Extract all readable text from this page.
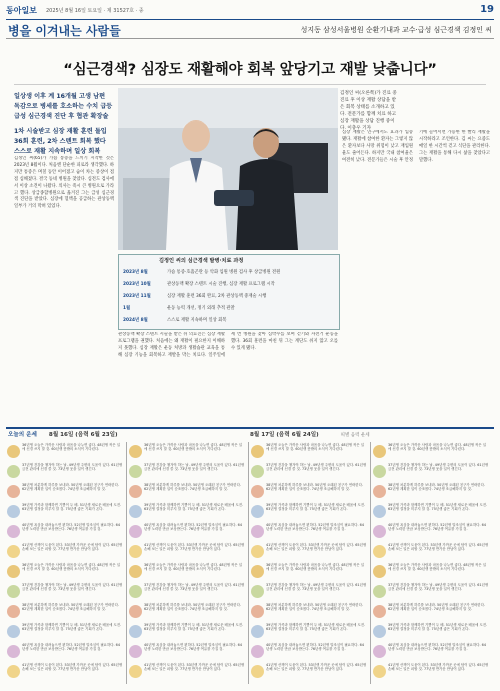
동아일보 2025년 8월 16일 토요일 · 제 31527호 · 종	19
병을 이겨내는 사람들	성지동 삼성서울병원 순환기내과 교수·급성 심근경색 김정인 씨
“심근경색? 심장도 재활해야 회복 앞당기고 재발 낮춥니다”
일상생 이후 계 16개월 고생 남편
독감으로 병세를 호소하는 수치 급등
급성 심근경색 진단 후 협관 확장술
1차 시술받고 심장 재활 훈련 돌입
36회 훈련, 2차 스텐트 회복 했다
스스로 재활 지속하며 일상 회복
김정인 씨(오른쪽)가 진료 중 진료 후 이상 재활 상담을 받은 회복 상태를 소개하고 있다. 전문가를 함께 치료 하고 심장 재활을 상담 진행 중이다. 이충우 기자
김정인 씨(65)가 가슴 통증을 느끼기 시작한 것은 2023년 8월이다. 처음엔 단순한 피로라 생각했다. 하지만 통증은 며칠 동안 이어졌고 숨이 차는 증상이 점점 심해졌다. 결국 동네 병원을 찾았다. 심전도 검사에서 이상 소견이 나왔다. 의사는 즉시 큰 병원으로 가라고 했다. 상급종합병원으로 옮겨진 그는 급성 심근경색 진단을 받았다. 심장에 혈액을 공급하는 관상동맥 일부가 거의 막혀 있었다.
관상동맥 확장 스텐트 시술을 받은 뒤 의료진은 심장 재활 프로그램을 권했다. 처음에는 왜 재활이 필요한지 이해하지 못했다. 심장 재활은 운동 처방과 생활습관 교육을 통해 심장 기능을 회복하고 재발을 막는 치료다. 일주일에 세 번 병원을 찾아 심박수를 보며 걷기와 자전거 운동을 했다. 36회 훈련을 마친 뒤 그는 계단도 쉬지 않고 오를 수 있게 됐다.
심장 재활은 연구에서도 효과가 입증됐다. 재활에 참여한 환자는 그렇지 않은 환자보다 사망 위험이 낮고 재입원율도 줄어든다. 하지만 국내 참여율은 여전히 낮다. 전문가들은 시술 후 안정기에 들어서면 가능한 한 빨리 재활을 시작하라고 조언한다. 김 씨는 요즘도 매일 한 시간씩 걷고 식단을 관리한다. 그는 재활을 통해 다시 삶을 찾았다고 말했다.
김정인 씨의 심근경색 발병·치료 과정
2023년 8월	가슴 통증·호흡곤란 등 악화 입원 병원 검사 후 상급병원 전원
2023년 10월	관상동맥 확장 스텐트 시술 진행, 심장 재활 프로그램 시작
2023년 11월	심장 재활 훈련 36회 완료, 2차 관상동맥 중재술 시행
1월	운동 능력 개선, 정기 외래 추적 관찰
2024년 8월	스스로 재활 지속하며 일상 회복
오늘의 운세 8월 16일 (음력 6월 23일)	8월 17일 (음력 6월 24일)	띠별 음력 운세
36년생 오늘은 가까운 사람과 마음을 나누면 좋다. 48년생 작은 일에 신경 쓰지 말 것. 60년생 뜻밖의 소식이 기다린다.
37년생 건강을 챙겨야 하는 날. 49년생 주변의 도움이 있다. 61년생 금전 관리에 신경 쓸 것. 73년생 웃을 일이 생긴다.
38년생 차분하게 하루를 보내라. 50년생 오래된 친구가 연락한다. 62년생 계획한 일이 순조롭다. 74년생 조급해하지 말 것.
39년생 가족과 함께하면 기쁨이 두 배. 51년생 새로운 배움에 도전. 63년생 결정을 미루지 말 것. 75년생 좋은 기회가 온다.
40년생 욕심을 내려놓으면 편하다. 52년생 말조심이 필요하다. 64년생 노력한 만큼 보상받는다. 76년생 여유를 가질 것.
41년생 산책이 도움이 된다. 53년생 가까운 곳에 답이 있다. 65년생 손해 보는 일은 피할 것. 77년생 반가운 만남이 있다.
36년생 오늘은 가까운 사람과 마음을 나누면 좋다. 48년생 작은 일에 신경 쓰지 말 것. 60년생 뜻밖의 소식이 기다린다.
37년생 건강을 챙겨야 하는 날. 49년생 주변의 도움이 있다. 61년생 금전 관리에 신경 쓸 것. 73년생 웃을 일이 생긴다.
38년생 차분하게 하루를 보내라. 50년생 오래된 친구가 연락한다. 62년생 계획한 일이 순조롭다. 74년생 조급해하지 말 것.
39년생 가족과 함께하면 기쁨이 두 배. 51년생 새로운 배움에 도전. 63년생 결정을 미루지 말 것. 75년생 좋은 기회가 온다.
40년생 욕심을 내려놓으면 편하다. 52년생 말조심이 필요하다. 64년생 노력한 만큼 보상받는다. 76년생 여유를 가질 것.
41년생 산책이 도움이 된다. 53년생 가까운 곳에 답이 있다. 65년생 손해 보는 일은 피할 것. 77년생 반가운 만남이 있다.
36년생 오늘은 가까운 사람과 마음을 나누면 좋다. 48년생 작은 일에 신경 쓰지 말 것. 60년생 뜻밖의 소식이 기다린다.
37년생 건강을 챙겨야 하는 날. 49년생 주변의 도움이 있다. 61년생 금전 관리에 신경 쓸 것. 73년생 웃을 일이 생긴다.
38년생 차분하게 하루를 보내라. 50년생 오래된 친구가 연락한다. 62년생 계획한 일이 순조롭다. 74년생 조급해하지 말 것.
39년생 가족과 함께하면 기쁨이 두 배. 51년생 새로운 배움에 도전. 63년생 결정을 미루지 말 것. 75년생 좋은 기회가 온다.
40년생 욕심을 내려놓으면 편하다. 52년생 말조심이 필요하다. 64년생 노력한 만큼 보상받는다. 76년생 여유를 가질 것.
41년생 산책이 도움이 된다. 53년생 가까운 곳에 답이 있다. 65년생 손해 보는 일은 피할 것. 77년생 반가운 만남이 있다.
36년생 오늘은 가까운 사람과 마음을 나누면 좋다. 48년생 작은 일에 신경 쓰지 말 것. 60년생 뜻밖의 소식이 기다린다.
37년생 건강을 챙겨야 하는 날. 49년생 주변의 도움이 있다. 61년생 금전 관리에 신경 쓸 것. 73년생 웃을 일이 생긴다.
38년생 차분하게 하루를 보내라. 50년생 오래된 친구가 연락한다. 62년생 계획한 일이 순조롭다. 74년생 조급해하지 말 것.
39년생 가족과 함께하면 기쁨이 두 배. 51년생 새로운 배움에 도전. 63년생 결정을 미루지 말 것. 75년생 좋은 기회가 온다.
40년생 욕심을 내려놓으면 편하다. 52년생 말조심이 필요하다. 64년생 노력한 만큼 보상받는다. 76년생 여유를 가질 것.
41년생 산책이 도움이 된다. 53년생 가까운 곳에 답이 있다. 65년생 손해 보는 일은 피할 것. 77년생 반가운 만남이 있다.
36년생 오늘은 가까운 사람과 마음을 나누면 좋다. 48년생 작은 일에 신경 쓰지 말 것. 60년생 뜻밖의 소식이 기다린다.
37년생 건강을 챙겨야 하는 날. 49년생 주변의 도움이 있다. 61년생 금전 관리에 신경 쓸 것. 73년생 웃을 일이 생긴다.
38년생 차분하게 하루를 보내라. 50년생 오래된 친구가 연락한다. 62년생 계획한 일이 순조롭다. 74년생 조급해하지 말 것.
39년생 가족과 함께하면 기쁨이 두 배. 51년생 새로운 배움에 도전. 63년생 결정을 미루지 말 것. 75년생 좋은 기회가 온다.
40년생 욕심을 내려놓으면 편하다. 52년생 말조심이 필요하다. 64년생 노력한 만큼 보상받는다. 76년생 여유를 가질 것.
41년생 산책이 도움이 된다. 53년생 가까운 곳에 답이 있다. 65년생 손해 보는 일은 피할 것. 77년생 반가운 만남이 있다.
36년생 오늘은 가까운 사람과 마음을 나누면 좋다. 48년생 작은 일에 신경 쓰지 말 것. 60년생 뜻밖의 소식이 기다린다.
37년생 건강을 챙겨야 하는 날. 49년생 주변의 도움이 있다. 61년생 금전 관리에 신경 쓸 것. 73년생 웃을 일이 생긴다.
38년생 차분하게 하루를 보내라. 50년생 오래된 친구가 연락한다. 62년생 계획한 일이 순조롭다. 74년생 조급해하지 말 것.
39년생 가족과 함께하면 기쁨이 두 배. 51년생 새로운 배움에 도전. 63년생 결정을 미루지 말 것. 75년생 좋은 기회가 온다.
40년생 욕심을 내려놓으면 편하다. 52년생 말조심이 필요하다. 64년생 노력한 만큼 보상받는다. 76년생 여유를 가질 것.
41년생 산책이 도움이 된다. 53년생 가까운 곳에 답이 있다. 65년생 손해 보는 일은 피할 것. 77년생 반가운 만남이 있다.
36년생 오늘은 가까운 사람과 마음을 나누면 좋다. 48년생 작은 일에 신경 쓰지 말 것. 60년생 뜻밖의 소식이 기다린다.
37년생 건강을 챙겨야 하는 날. 49년생 주변의 도움이 있다. 61년생 금전 관리에 신경 쓸 것. 73년생 웃을 일이 생긴다.
38년생 차분하게 하루를 보내라. 50년생 오래된 친구가 연락한다. 62년생 계획한 일이 순조롭다. 74년생 조급해하지 말 것.
39년생 가족과 함께하면 기쁨이 두 배. 51년생 새로운 배움에 도전. 63년생 결정을 미루지 말 것. 75년생 좋은 기회가 온다.
40년생 욕심을 내려놓으면 편하다. 52년생 말조심이 필요하다. 64년생 노력한 만큼 보상받는다. 76년생 여유를 가질 것.
41년생 산책이 도움이 된다. 53년생 가까운 곳에 답이 있다. 65년생 손해 보는 일은 피할 것. 77년생 반가운 만남이 있다.
36년생 오늘은 가까운 사람과 마음을 나누면 좋다. 48년생 작은 일에 신경 쓰지 말 것. 60년생 뜻밖의 소식이 기다린다.
37년생 건강을 챙겨야 하는 날. 49년생 주변의 도움이 있다. 61년생 금전 관리에 신경 쓸 것. 73년생 웃을 일이 생긴다.
38년생 차분하게 하루를 보내라. 50년생 오래된 친구가 연락한다. 62년생 계획한 일이 순조롭다. 74년생 조급해하지 말 것.
39년생 가족과 함께하면 기쁨이 두 배. 51년생 새로운 배움에 도전. 63년생 결정을 미루지 말 것. 75년생 좋은 기회가 온다.
40년생 욕심을 내려놓으면 편하다. 52년생 말조심이 필요하다. 64년생 노력한 만큼 보상받는다. 76년생 여유를 가질 것.
41년생 산책이 도움이 된다. 53년생 가까운 곳에 답이 있다. 65년생 손해 보는 일은 피할 것. 77년생 반가운 만남이 있다.
